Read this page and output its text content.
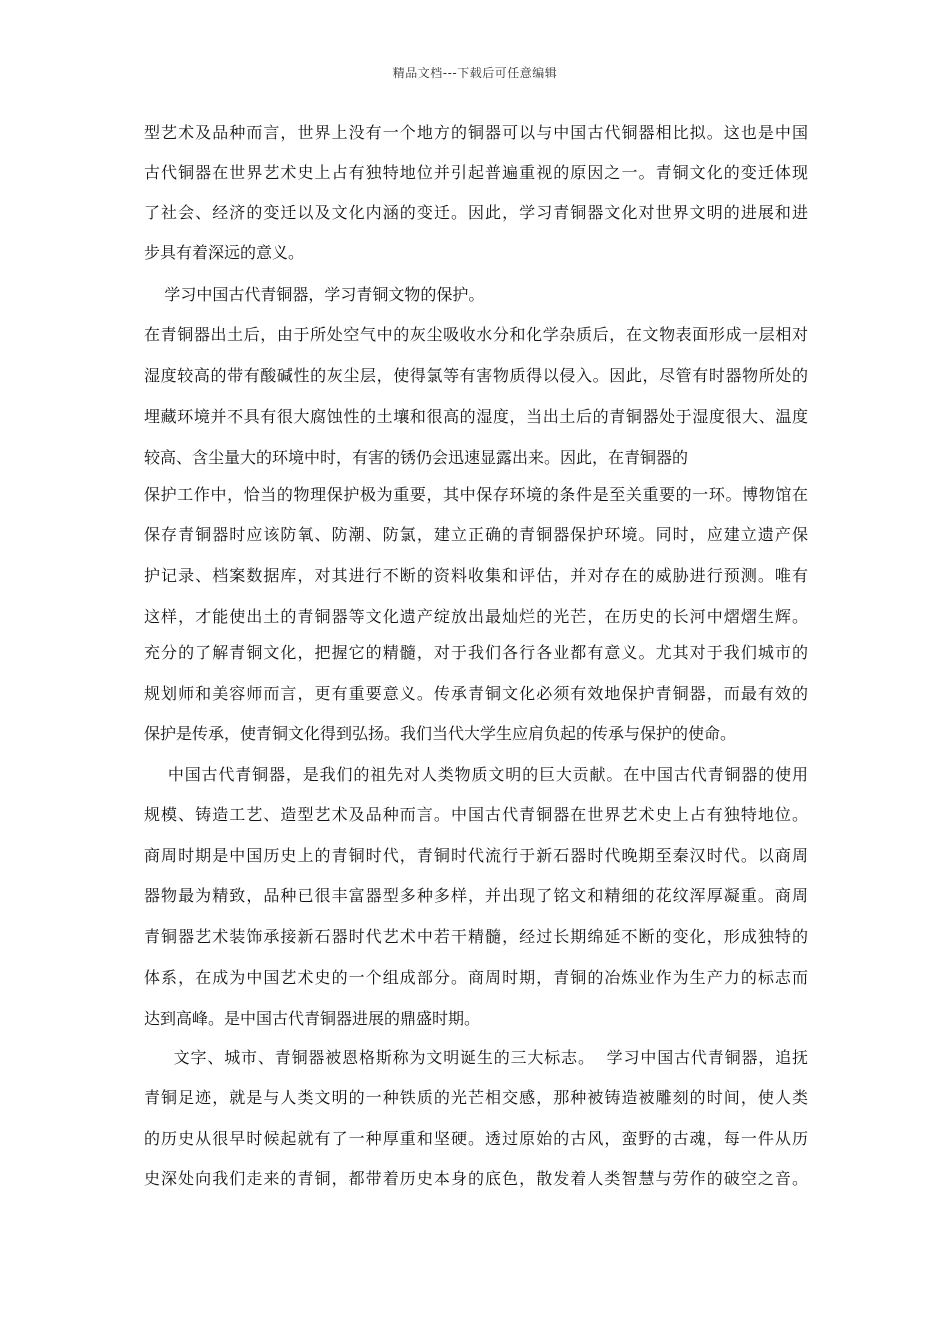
精品文档---下载后可任意编辑
型艺术及品种而言，世界上没有一个地方的铜器可以与中国古代铜器相比拟。这也是中国
古代铜器在世界艺术史上占有独特地位并引起普遍重视的原因之一。青铜文化的变迁体现
了社会、经济的变迁以及文化内涵的变迁。因此，学习青铜器文化对世界文明的进展和进
步具有着深远的意义。
学习中国古代青铜器，学习青铜文物的保护。
在青铜器出土后，由于所处空气中的灰尘吸收水分和化学杂质后，在文物表面形成一层相对
湿度较高的带有酸碱性的灰尘层，使得氯等有害物质得以侵入。因此，尽管有时器物所处的
埋藏环境并不具有很大腐蚀性的土壤和很高的湿度，当出土后的青铜器处于湿度很大、温度
较高、含尘量大的环境中时，有害的锈仍会迅速显露出来。因此，在青铜器的
保护工作中，恰当的物理保护极为重要，其中保存环境的条件是至关重要的一环。博物馆在
保存青铜器时应该防氧、防潮、防氯，建立正确的青铜器保护环境。同时，应建立遗产保
护记录、档案数据库，对其进行不断的资料收集和评估，并对存在的威胁进行预测。唯有
这样，才能使出土的青铜器等文化遗产绽放出最灿烂的光芒，在历史的长河中熠熠生辉。
充分的了解青铜文化，把握它的精髓，对于我们各行各业都有意义。尤其对于我们城市的
规划师和美容师而言，更有重要意义。传承青铜文化必须有效地保护青铜器，而最有效的
保护是传承，使青铜文化得到弘扬。我们当代大学生应肩负起的传承与保护的使命。
中国古代青铜器，是我们的祖先对人类物质文明的巨大贡献。在中国古代青铜器的使用
规模、铸造工艺、造型艺术及品种而言。中国古代青铜器在世界艺术史上占有独特地位。
商周时期是中国历史上的青铜时代，青铜时代流行于新石器时代晚期至秦汉时代。以商周
器物最为精致，品种已很丰富器型多种多样，并出现了铭文和精细的花纹浑厚凝重。商周
青铜器艺术装饰承接新石器时代艺术中若干精髓，经过长期绵延不断的变化，形成独特的
体系，在成为中国艺术史的一个组成部分。商周时期，青铜的冶炼业作为生产力的标志而
达到高峰。是中国古代青铜器进展的鼎盛时期。
文字、城市、青铜器被恩格斯称为文明诞生的三大标志。  学习中国古代青铜器，追抚
青铜足迹，就是与人类文明的一种铁质的光芒相交感，那种被铸造被雕刻的时间，使人类
的历史从很早时候起就有了一种厚重和坚硬。透过原始的古风，蛮野的古魂，每一件从历
史深处向我们走来的青铜，都带着历史本身的底色，散发着人类智慧与劳作的破空之音。
